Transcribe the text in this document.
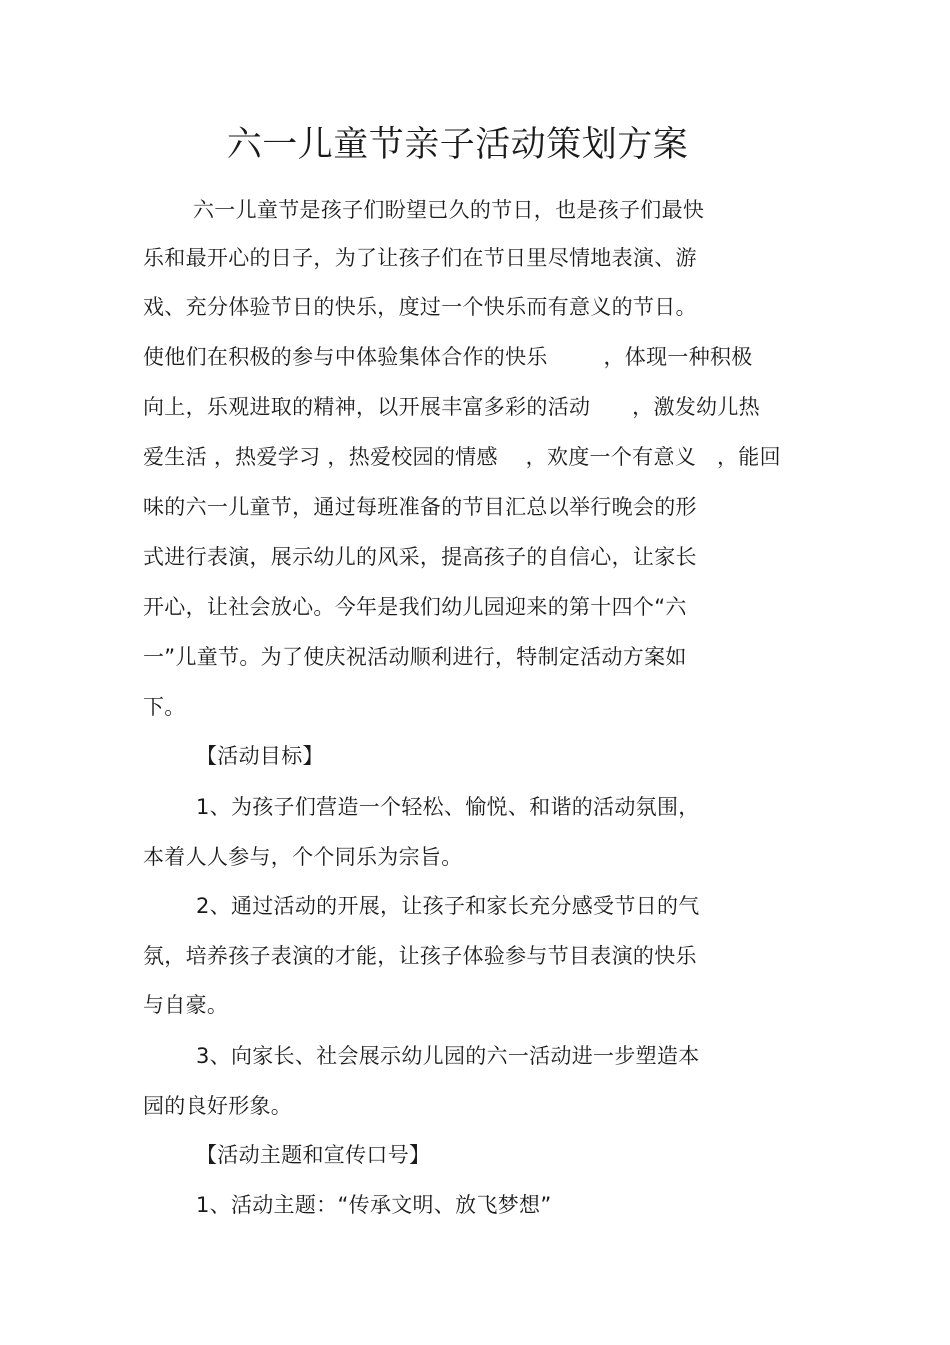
六一儿童节亲子活动策划方案
六一儿童节是孩子们盼望已久的节日，也是孩子们最快
乐和最开心的日子，为了让孩子们在节日里尽情地表演、游
戏、充分体验节日的快乐，度过一个快乐而有意义的节日。
使他们在积极的参与中体验集体合作的快乐        ，体现一种积极
向上，乐观进取的精神，以开展丰富多彩的活动      ，激发幼儿热
爱生活 ，热爱学习 ，热爱校园的情感    ，欢度一个有意义   ，能回
味的六一儿童节，通过每班准备的节目汇总以举行晚会的形
式进行表演，展示幼儿的风采，提高孩子的自信心，让家长
开心，让社会放心。今年是我们幼儿园迎来的第十四个“六
一”儿童节。为了使庆祝活动顺利进行，特制定活动方案如
下。
【活动目标】
1、为孩子们营造一个轻松、愉悦、和谐的活动氛围，
本着人人参与，个个同乐为宗旨。
2、通过活动的开展，让孩子和家长充分感受节日的气
氛，培养孩子表演的才能，让孩子体验参与节目表演的快乐
与自豪。
3、向家长、社会展示幼儿园的六一活动进一步塑造本
园的良好形象。
【活动主题和宣传口号】
1、活动主题：“传承文明、放飞梦想”
